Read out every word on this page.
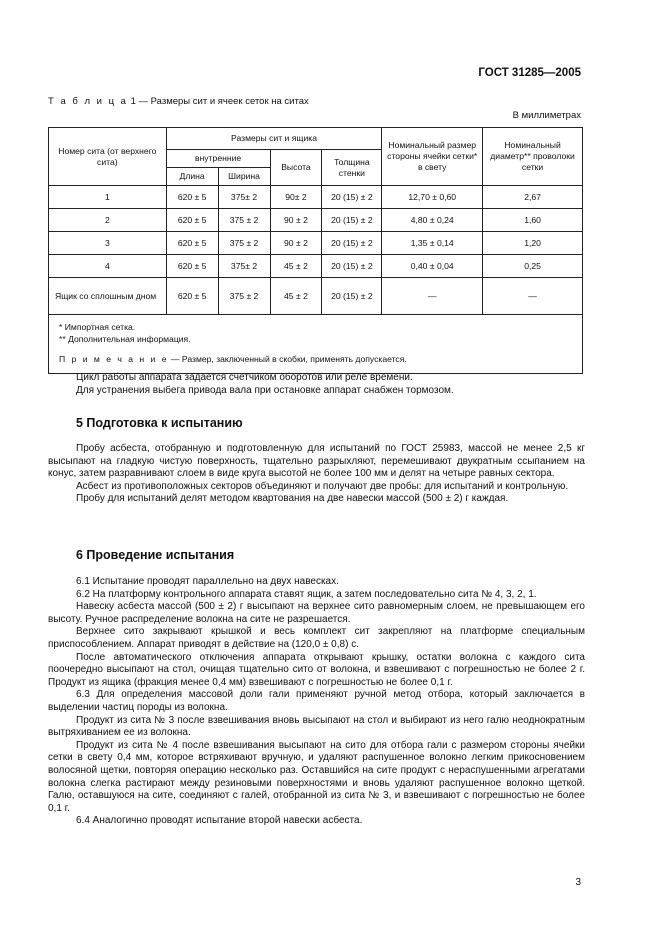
ГОСТ 31285—2005
Т а б л и ц а 1 — Размеры сит и ячеек сеток на ситах
В миллиметрах
Номер сита (от верхнего сита)	Размеры сит и ящика				Номинальный размер стороны ячейки сетки* в свету	Номинальный диаметр** проволоки сетки
	внутренние		Высота	Толщина стенки		
	Длина	Ширина				
1	620 ± 5	375± 2	90± 2	20 (15) ± 2	12,70 ± 0,60	2,67
2	620 ± 5	375 ± 2	90 ± 2	20 (15) ± 2	4,80 ± 0,24	1,60
3	620 ± 5	375 ± 2	90 ± 2	20 (15) ± 2	1,35 ± 0,14	1,20
4	620 ± 5	375± 2	45 ± 2	20 (15) ± 2	0,40 ± 0,04	0,25
Ящик со сплошным дном	620 ± 5	375 ± 2	45 ± 2	20 (15) ± 2	—	—

* Импортная сетка.
** Дополнительная информация.
П р и м е ч а н и е — Размер, заключенный в скобки, применять допускается.						

Цикл работы аппарата задается счетчиком оборотов или реле времени.

Для устранения выбега привода вала при остановке аппарат снабжен тормозом.

5 Подготовка к испытанию

Пробу асбеста, отобранную и подготовленную для испытаний по ГОСТ 25983, массой не менее 2,5 кг высыпают на гладкую чистую поверхность, тщательно разрыхляют, перемешивают двукратным ссыпанием на конус, затем разравнивают слоем в виде круга высотой не более 100 мм и делят на четыре равных сектора.

Асбест из противоположных секторов объединяют и получают две пробы: для испытаний и контрольную.

Пробу для испытаний делят методом квартования на две навески массой (500 ± 2) г каждая.

6 Проведение испытания

6.1 Испытание проводят параллельно на двух навесках.

6.2 На платформу контрольного аппарата ставят ящик, а затем последовательно сита № 4, 3, 2, 1.

Навеску асбеста массой (500 ± 2) г высыпают на верхнее сито равномерным слоем, не превышающем его высоту. Ручное распределение волокна на сите не разрешается.

Верхнее сито закрывают крышкой и весь комплект сит закрепляют на платформе специальным приспособлением. Аппарат приводят в действие на (120,0 ± 0,8) с.

После автоматического отключения аппарата открывают крышку, остатки волокна с каждого сита поочередно высыпают на стол, очищая тщательно сито от волокна, и взвешивают с погрешностью не более 2 г. Продукт из ящика (фракция менее 0,4 мм) взвешивают с погрешностью не более 0,1 г.

6.3 Для определения массовой доли гали применяют ручной метод отбора, который заключается в выделении частиц породы из волокна.

Продукт из сита № 3 после взвешивания вновь высыпают на стол и выбирают из него галю неоднократным вытряхиванием ее из волокна.

Продукт из сита № 4 после взвешивания высыпают на сито для отбора гали с размером стороны ячейки сетки в свету 0,4 мм, которое встряхивают вручную, и удаляют распушенное волокно легким прикосновением волосяной щетки, повторяя операцию несколько раз. Оставшийся на сите продукт с нераспушенными агрегатами волокна слегка растирают между резиновыми поверхностями и вновь удаляют распушенное волокно щеткой. Галю, оставшуюся на сите, соединяют с галей, отобранной из сита № 3, и взвешивают с погрешностью не более 0,1 г.

6.4 Аналогично проводят испытание второй навески асбеста.

3
